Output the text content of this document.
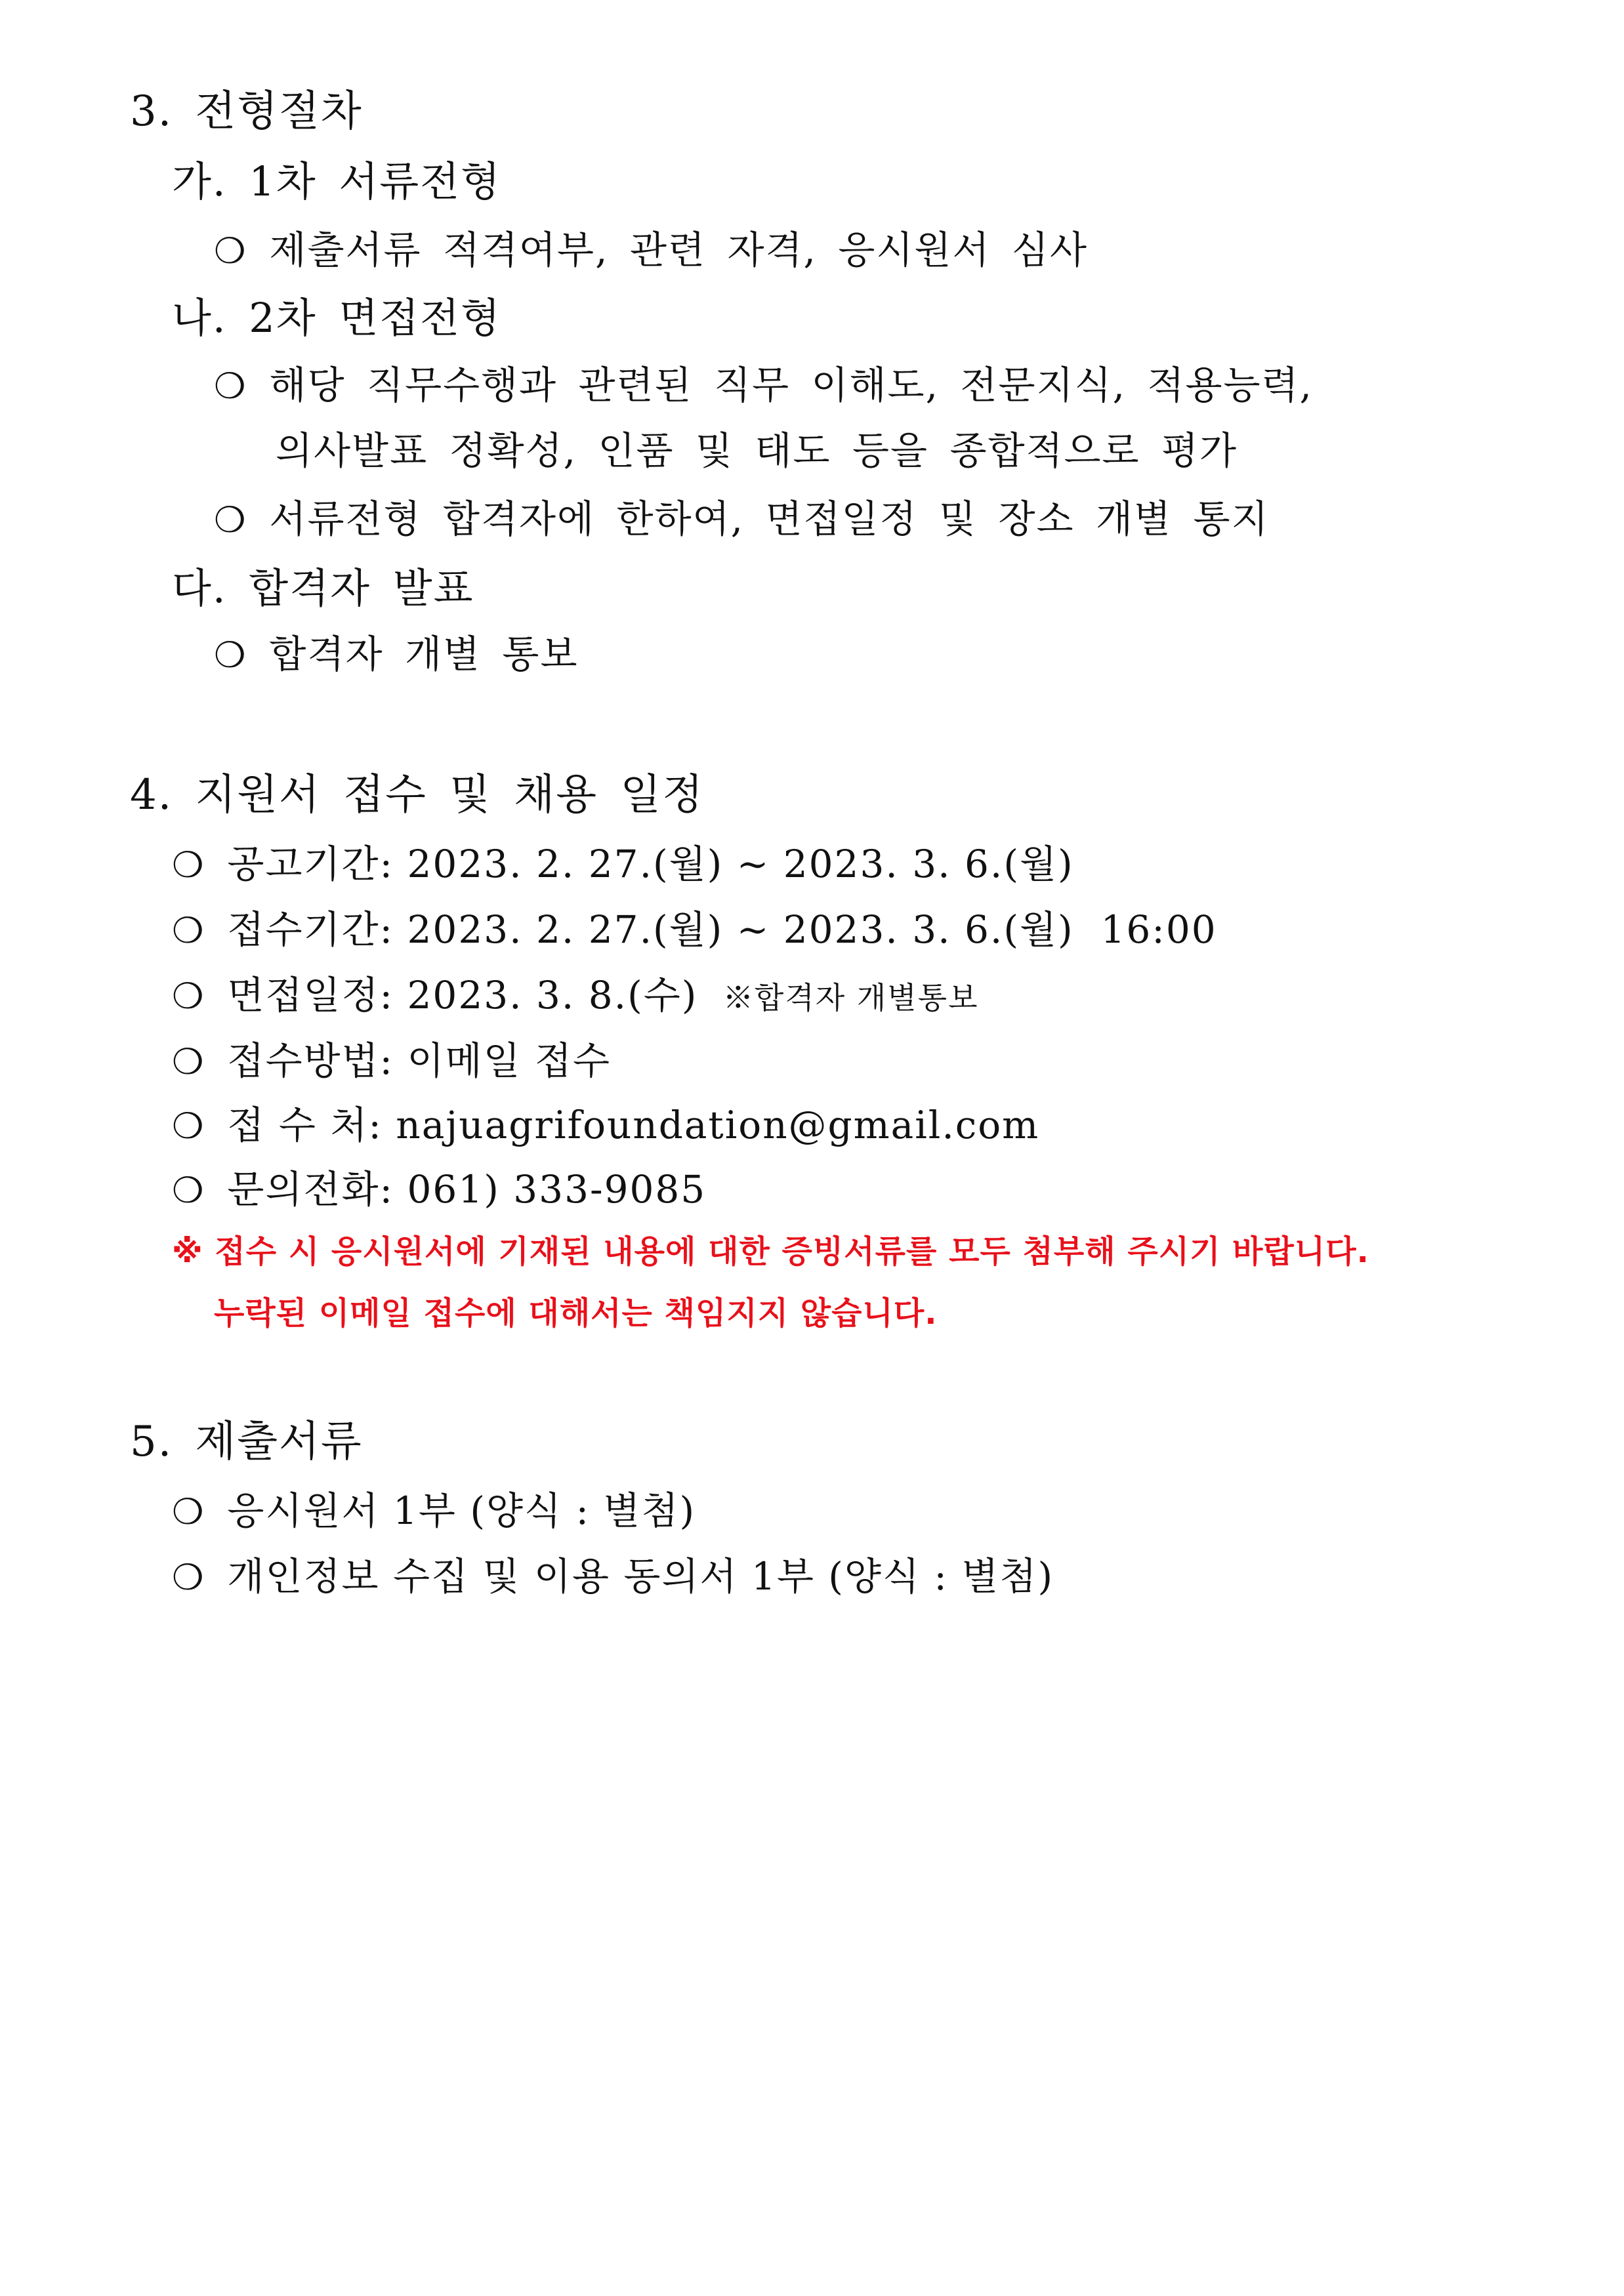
3. 전형절차
가. 1차 서류전형
❍ 제출서류 적격여부, 관련 자격, 응시원서 심사
나. 2차 면접전형
❍ 해당 직무수행과 관련된 직무 이해도, 전문지식, 적용능력,
의사발표 정확성, 인품 및 태도 등을 종합적으로 평가
❍ 서류전형 합격자에 한하여, 면접일정 및 장소 개별 통지
다. 합격자 발표
❍ 합격자 개별 통보
4. 지원서 접수 및 채용 일정
❍ 공고기간: 2023. 2. 27.(월) ∼ 2023. 3. 6.(월)
❍ 접수기간: 2023. 2. 27.(월) ∼ 2023. 3. 6.(월)  16:00
❍ 면접일정: 2023. 3. 8.(수) ※합격자 개별통보
❍ 접수방법: 이메일 접수
❍ 접 수 처: najuagrifoundation@gmail.com
❍ 문의전화: 061) 333-9085
※ 접수 시 응시원서에 기재된 내용에 대한 증빙서류를 모두 첨부해 주시기 바랍니다.
누락된 이메일 접수에 대해서는 책임지지 않습니다.
5. 제출서류
❍ 응시원서 1부 (양식 : 별첨)
❍ 개인정보 수집 및 이용 동의서 1부 (양식 : 별첨)
